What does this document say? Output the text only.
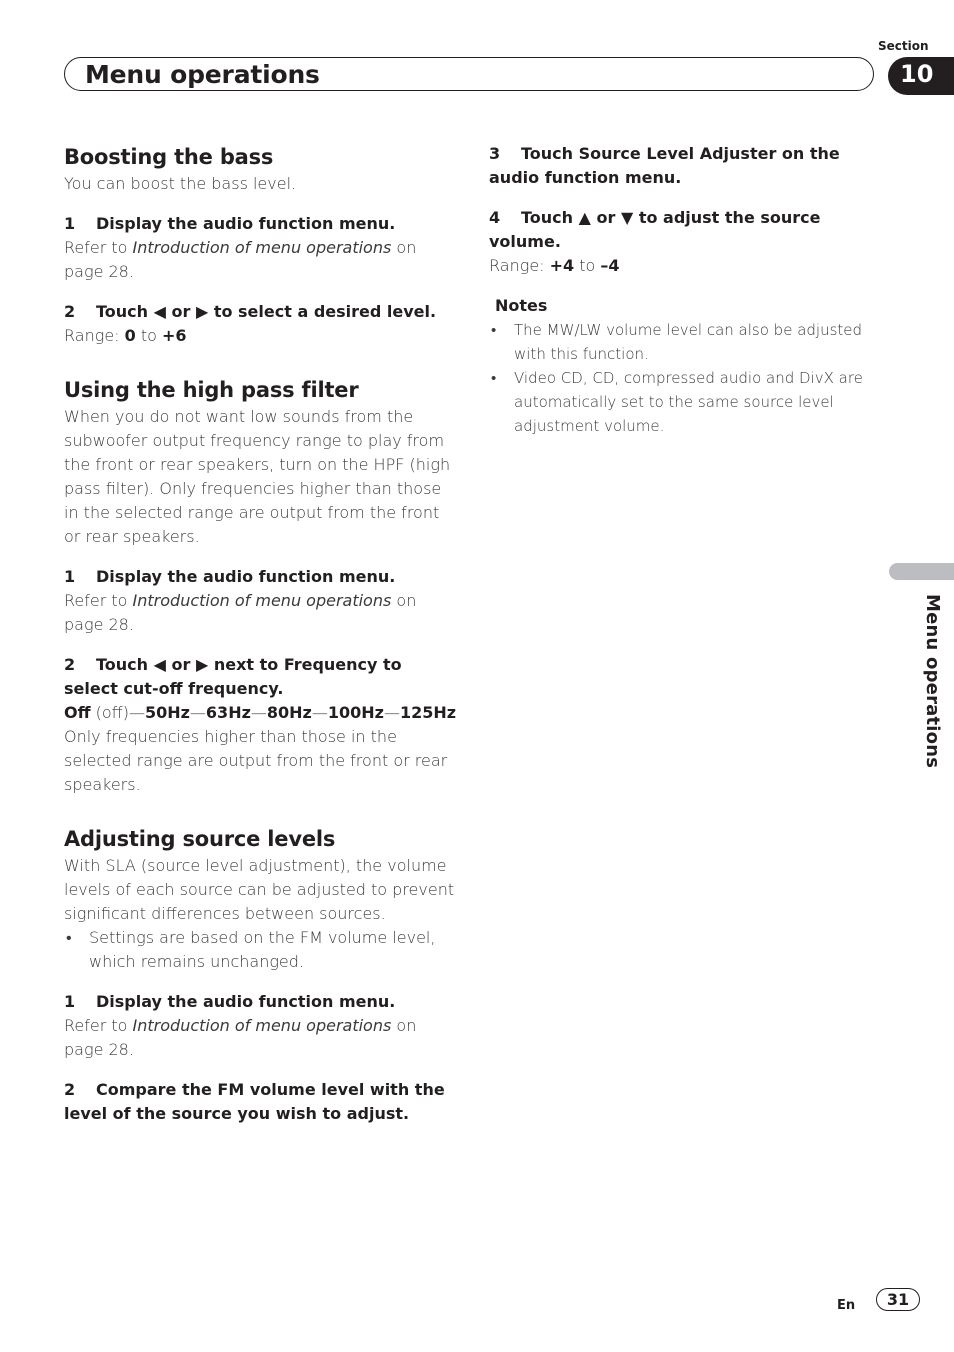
Section
Menu operations	10
Menu operations
Boosting the bass

You can boost the bass level.

1 Display the audio function menu.

Refer to Introduction of menu operations on page 28.

2 Touch ◀ or ▶ to select a desired level.

Range: 0 to +6

Using the high pass filter

When you do not want low sounds from the subwoofer output frequency range to play from the front or rear speakers, turn on the HPF (high pass filter). Only frequencies higher than those in the selected range are output from the front or rear speakers.

1 Display the audio function menu.

Refer to Introduction of menu operations on page 28.

2 Touch ◀ or ▶ next to Frequency to select cut-off frequency.

Off (off)—50Hz—63Hz—80Hz—100Hz—125Hz

Only frequencies higher than those in the selected range are output from the front or rear speakers.

Adjusting source levels

With SLA (source level adjustment), the volume levels of each source can be adjusted to prevent significant differences between sources.

• Settings are based on the FM volume level, which remains unchanged.

1 Display the audio function menu.

Refer to Introduction of menu operations on page 28.

2 Compare the FM volume level with the level of the source you wish to adjust.

3 Touch Source Level Adjuster on the audio function menu.

4 Touch ▲ or ▼ to adjust the source volume.

Range: +4 to –4

Notes

• The MW/LW volume level can also be adjusted with this function.

• Video CD, CD, compressed audio and DivX are automatically set to the same source level adjustment volume.

En	31
